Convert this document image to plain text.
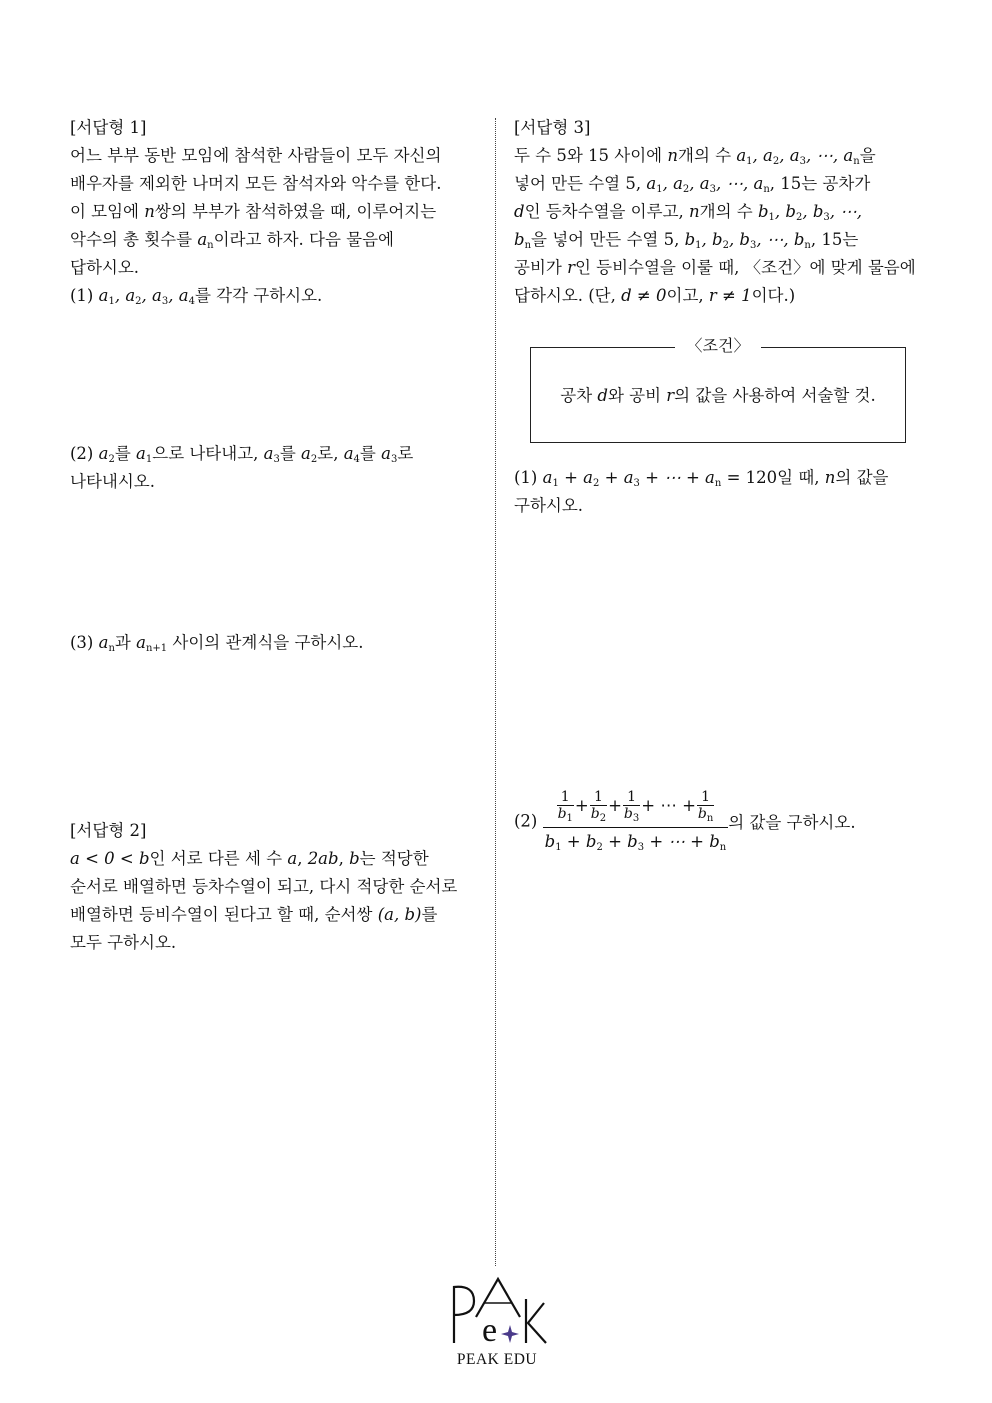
[서답형 1]
어느 부부 동반 모임에 참석한 사람들이 모두 자신의
배우자를 제외한 나머지 모든 참석자와 악수를 한다.
이 모임에 n쌍의 부부가 참석하였을 때, 이루어지는
악수의 총 횟수를 $a_n$이라고 하자. 다음 물음에
답하시오.
(1) $a_1$, $a_2$, $a_3$, $a_4$를 각각 구하시오.
(2) $a_2$를 $a_1$으로 나타내고, $a_3$를 $a_2$로, $a_4$를 $a_3$로
나타내시오.
(3) $a_n$과 $a_{n+1}$ 사이의 관계식을 구하시오.
[서답형 2]
a < 0 < b인 서로 다른 세 수 a, 2ab, b는 적당한
순서로 배열하면 등차수열이 되고, 다시 적당한 순서로
배열하면 등비수열이 된다고 할 때, 순서쌍 (a, b)를
모두 구하시오.
[서답형 3]
두 수 5와 15 사이에 n개의 수 $a_1$, $a_2$, $a_3$, ⋯, $a_n$을
넣어 만든 수열 5, $a_1$, $a_2$, $a_3$, ⋯, $a_n$, 15는 공차가
d인 등차수열을 이루고, n개의 수 $b_1$, $b_2$, $b_3$, ⋯,
$b_n$을 넣어 만든 수열 5, $b_1$, $b_2$, $b_3$, ⋯, $b_n$, 15는
공비가 r인 등비수열을 이룰 때, 〈조건〉에 맞게 물음에
답하시오. (단, d ≠ 0이고, r ≠ 1이다.)
〈조건〉
공차 d와 공비 r의 값을 사용하여 서술할 것.
(1) $a_1 + a_2 + a_3$ + ⋯ + $a_n = 120$일 때, n의 값을
구하시오.
$(2) \frac{\frac{1}{b_1} + \frac{1}{b_2} + \frac{1}{b_3} + \cdots + \frac{1}{b_n}}{b_1 + b_2 + b_3 + \cdots + b_n}$ 의 값을 구하시오.
e
PEAK EDU
